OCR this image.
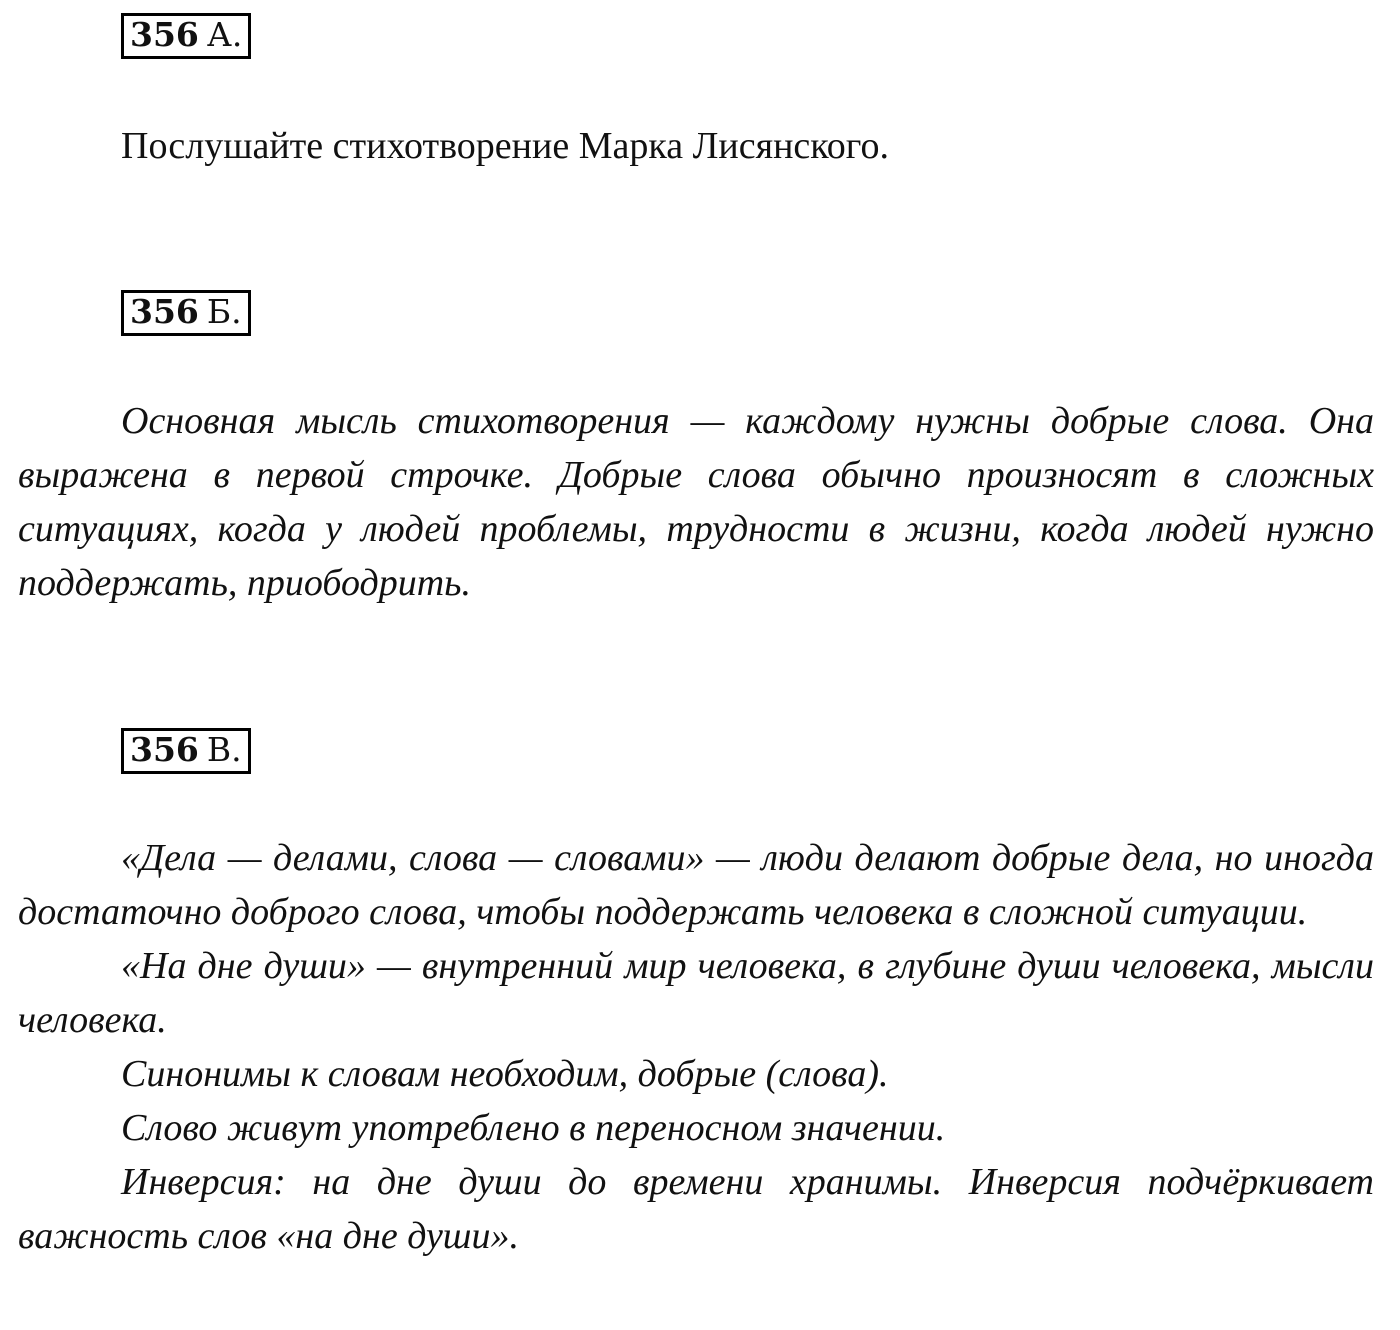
356 А.
Послушайте стихотворение Марка Лисянского.
356 Б.

Основная мысль стихотворения — каждому нужны добрые слова. Она выражена в первой строчке. Добрые слова обычно произносят в сложных ситуациях, когда у людей проблемы, трудности в жизни, когда людей нужно поддержать, приободрить.

356 В.

«Дела — делами, слова — словами» — люди делают добрые дела, но иногда достаточно доброго слова, чтобы поддержать человека в сложной ситуации.

«На дне души» — внутренний мир человека, в глубине души человека, мысли человека.

Синонимы к словам необходим, добрые (слова).

Слово живут употреблено в переносном значении.

Инверсия: на дне души до времени хранимы. Инверсия подчёркивает важность слов «на дне души».
